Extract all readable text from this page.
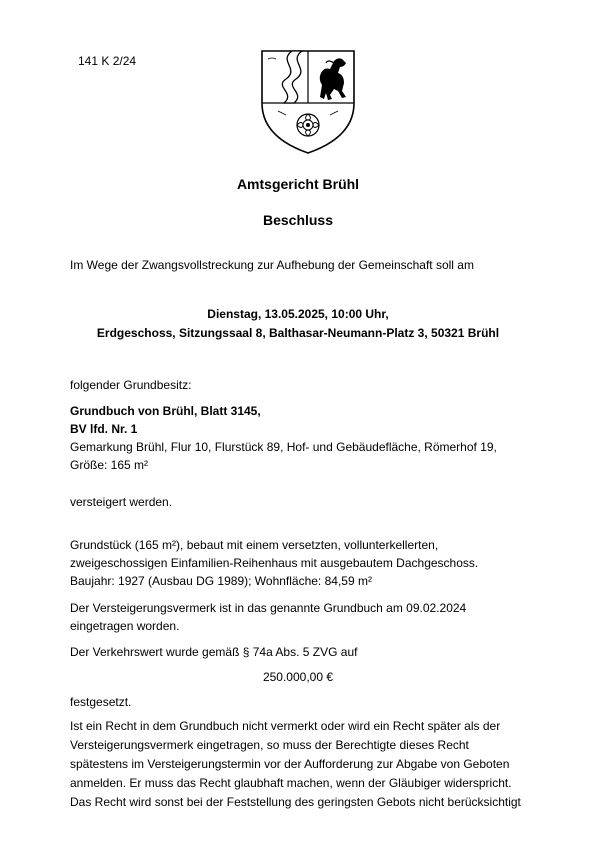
141 K 2/24
Amtsgericht Brühl
Beschluss
Im Wege der Zwangsvollstreckung zur Aufhebung der Gemeinschaft soll am
Dienstag, 13.05.2025, 10:00 Uhr,
Erdgeschoss, Sitzungssaal 8, Balthasar-Neumann-Platz 3, 50321 Brühl
folgender Grundbesitz:
Grundbuch von Brühl, Blatt 3145,
BV lfd. Nr. 1
Gemarkung Brühl, Flur 10, Flurstück 89, Hof- und Gebäudefläche, Römerhof 19,
Größe: 165 m²
versteigert werden.
Grundstück (165 m²), bebaut mit einem versetzten, vollunterkellerten,
zweigeschossigen Einfamilien-Reihenhaus mit ausgebautem Dachgeschoss.
Baujahr: 1927 (Ausbau DG 1989); Wohnfläche: 84,59 m²
Der Versteigerungsvermerk ist in das genannte Grundbuch am 09.02.2024
eingetragen worden.
Der Verkehrswert wurde gemäß § 74a Abs. 5 ZVG auf
250.000,00 €
festgesetzt.
Ist ein Recht in dem Grundbuch nicht vermerkt oder wird ein Recht später als der
Versteigerungsvermerk eingetragen, so muss der Berechtigte dieses Recht
spätestens im Versteigerungstermin vor der Aufforderung zur Abgabe von Geboten
anmelden. Er muss das Recht glaubhaft machen, wenn der Gläubiger widerspricht.
Das Recht wird sonst bei der Feststellung des geringsten Gebots nicht berücksichtigt
